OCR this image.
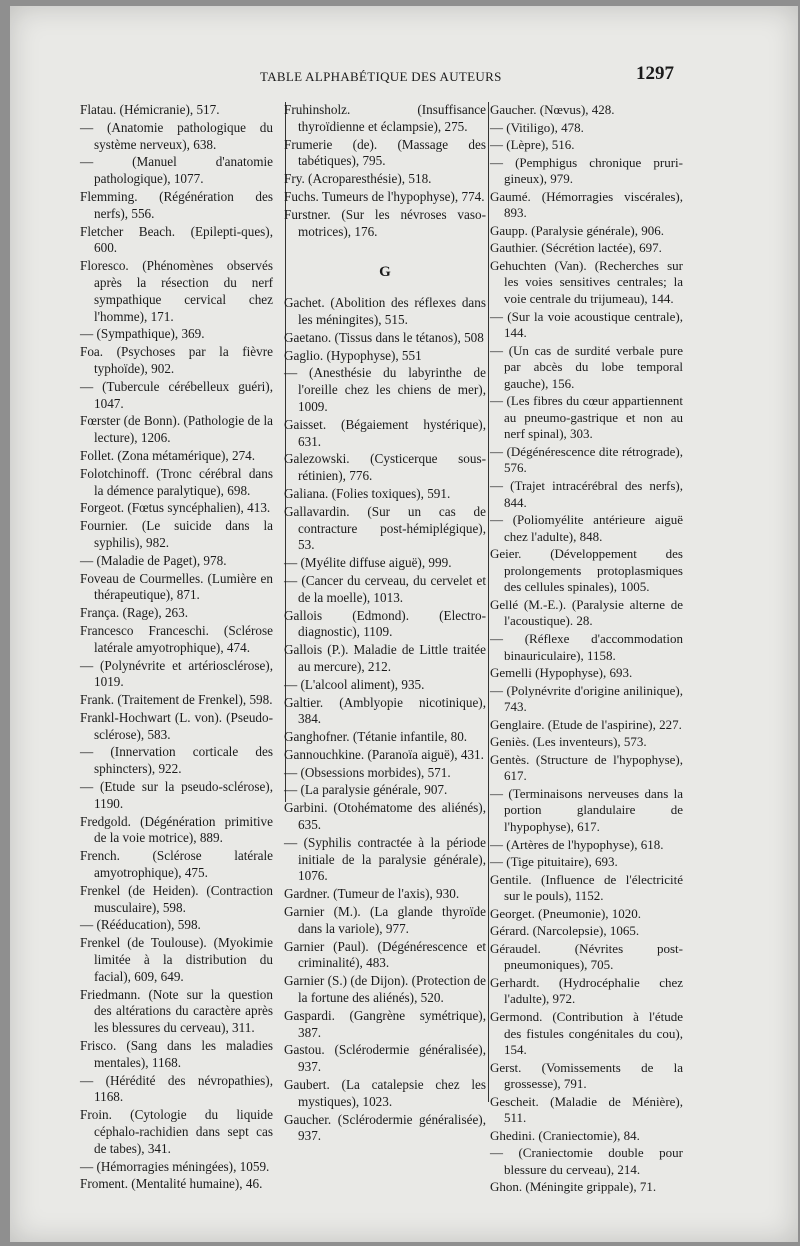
TABLE ALPHABÉTIQUE DES AUTEURS	1297

Flatau. (Hémicranie), 517.

— (Anatomie pathologique du système nerveux), 638.

— (Manuel d'anatomie pathologique), 1077.

Flemming. (Régénération des nerfs), 556.

Fletcher Beach. (Epilepti-ques), 600.

Floresco. (Phénomènes observés après la résection du nerf sympathique cervical chez l'homme), 171.

— (Sympathique), 369.

Foa. (Psychoses par la fièvre typhoïde), 902.

— (Tubercule cérébelleux guéri), 1047.

Fœrster (de Bonn). (Pathologie de la lecture), 1206.

Follet. (Zona métamérique), 274.

Folotchinoff. (Tronc cérébral dans la démence paralytique), 698.

Forgeot. (Fœtus syncéphalien), 413.

Fournier. (Le suicide dans la syphilis), 982.

— (Maladie de Paget), 978.

Foveau de Courmelles. (Lumière en thérapeutique), 871.

França. (Rage), 263.

Francesco Franceschi. (Sclérose latérale amyotrophique), 474.

— (Polynévrite et artériosclérose), 1019.

Frank. (Traitement de Frenkel), 598.

Frankl-Hochwart (L. von). (Pseudo-sclérose), 583.

— (Innervation corticale des sphincters), 922.

— (Etude sur la pseudo-sclérose), 1190.

Fredgold. (Dégénération primitive de la voie motrice), 889.

French. (Sclérose latérale amyotrophique), 475.

Frenkel (de Heiden). (Contraction musculaire), 598.

— (Rééducation), 598.

Frenkel (de Toulouse). (Myokimie limitée à la distribution du facial), 609, 649.

Friedmann. (Note sur la question des altérations du caractère après les blessures du cerveau), 311.

Frisco. (Sang dans les maladies mentales), 1168.

— (Hérédité des névropathies), 1168.

Froin. (Cytologie du liquide céphalo-rachidien dans sept cas de tabes), 341.

— (Hémorragies méningées), 1059.

Froment. (Mentalité humaine), 46.

Fruhinsholz. (Insuffisance thyroïdienne et éclampsie), 275.

Frumerie (de). (Massage des tabétiques), 795.

Fry. (Acroparesthésie), 518.

Fuchs. Tumeurs de l'hypophyse), 774.

Furstner. (Sur les névroses vaso-motrices), 176.

G

Gachet. (Abolition des réflexes dans les méningites), 515.

Gaetano. (Tissus dans le tétanos), 508

Gaglio. (Hypophyse), 551

— (Anesthésie du labyrinthe de l'oreille chez les chiens de mer), 1009.

Gaisset. (Bégaiement hystérique), 631.

Galezowski. (Cysticerque sous-rétinien), 776.

Galiana. (Folies toxiques), 591.

Gallavardin. (Sur un cas de contracture post-hémiplégique), 53.

— (Myélite diffuse aiguë), 999.

— (Cancer du cerveau, du cervelet et de la moelle), 1013.

Gallois (Edmond). (Electro-diagnostic), 1109.

Gallois (P.). Maladie de Little traitée au mercure), 212.

— (L'alcool aliment), 935.

Galtier. (Amblyopie nicotinique), 384.

Ganghofner. (Tétanie infantile, 80.

Gannouchkine. (Paranoïa aiguë), 431.

— (Obsessions morbides), 571.

— (La paralysie générale, 907.

Garbini. (Otohématome des aliénés), 635.

— (Syphilis contractée à la période initiale de la paralysie générale), 1076.

Gardner. (Tumeur de l'axis), 930.

Garnier (M.). (La glande thyroïde dans la variole), 977.

Garnier (Paul). (Dégénérescence et criminalité), 483.

Garnier (S.) (de Dijon). (Protection de la fortune des aliénés), 520.

Gaspardi. (Gangrène symétrique), 387.

Gastou. (Sclérodermie généralisée), 937.

Gaubert. (La catalepsie chez les mystiques), 1023.

Gaucher. (Sclérodermie généralisée), 937.

Gaucher. (Nœvus), 428.

— (Vitiligo), 478.

— (Lèpre), 516.

— (Pemphigus chronique pruri-gineux), 979.

Gaumé. (Hémorragies viscérales), 893.

Gaupp. (Paralysie générale), 906.

Gauthier. (Sécrétion lactée), 697.

Gehuchten (Van). (Recherches sur les voies sensitives centrales; la voie centrale du trijumeau), 144.

— (Sur la voie acoustique centrale), 144.

— (Un cas de surdité verbale pure par abcès du lobe temporal gauche), 156.

— (Les fibres du cœur appartiennent au pneumo-gastrique et non au nerf spinal), 303.

— (Dégénérescence dite rétrograde), 576.

— (Trajet intracérébral des nerfs), 844.

— (Poliomyélite antérieure aiguë chez l'adulte), 848.

Geier. (Développement des prolongements protoplasmiques des cellules spinales), 1005.

Gellé (M.-E.). (Paralysie alterne de l'acoustique). 28.

— (Réflexe d'accommodation binauriculaire), 1158.

Gemelli (Hypophyse), 693.

— (Polynévrite d'origine anilinique), 743.

Genglaire. (Etude de l'aspirine), 227.

Geniès. (Les inventeurs), 573.

Gentès. (Structure de l'hypophyse), 617.

— (Terminaisons nerveuses dans la portion glandulaire de l'hypophyse), 617.

— (Artères de l'hypophyse), 618.

— (Tige pituitaire), 693.

Gentile. (Influence de l'électricité sur le pouls), 1152.

Georget. (Pneumonie), 1020.

Gérard. (Narcolepsie), 1065.

Géraudel. (Névrites post-pneumoniques), 705.

Gerhardt. (Hydrocéphalie chez l'adulte), 972.

Germond. (Contribution à l'étude des fistules congénitales du cou), 154.

Gerst. (Vomissements de la grossesse), 791.

Gescheit. (Maladie de Ménière), 511.

Ghedini. (Craniectomie), 84.

— (Craniectomie double pour blessure du cerveau), 214.

Ghon. (Méningite grippale), 71.
